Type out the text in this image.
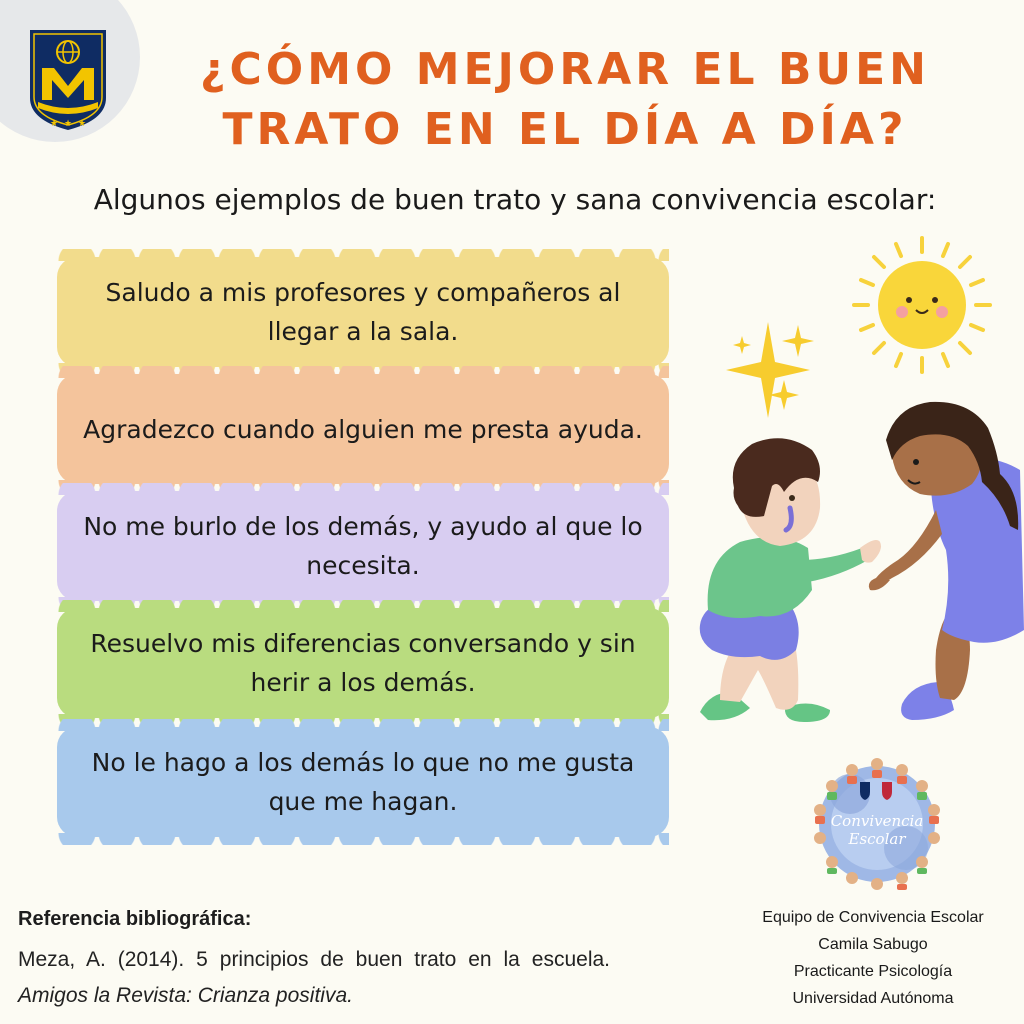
★ ★ ★
¿CÓMO MEJORAR EL BUEN
TRATO EN EL DÍA A DÍA?
Algunos ejemplos de buen trato y sana convivencia escolar:
Saludo a mis profesores y compañeros al llegar a la sala.
Agradezco cuando alguien me presta ayuda.
No me burlo de los demás, y ayudo al que lo necesita.
Resuelvo mis diferencias conversando y sin herir a los demás.
No le hago a los demás lo que no me gusta que me hagan.
Convivencia
Escolar
Referencia bibliográfica:
Meza, A. (2014). 5 principios de buen trato en la escuela. Amigos la Revista: Crianza positiva.
Equipo de Convivencia Escolar
Camila Sabugo
Practicante Psicología
Universidad Autónoma
